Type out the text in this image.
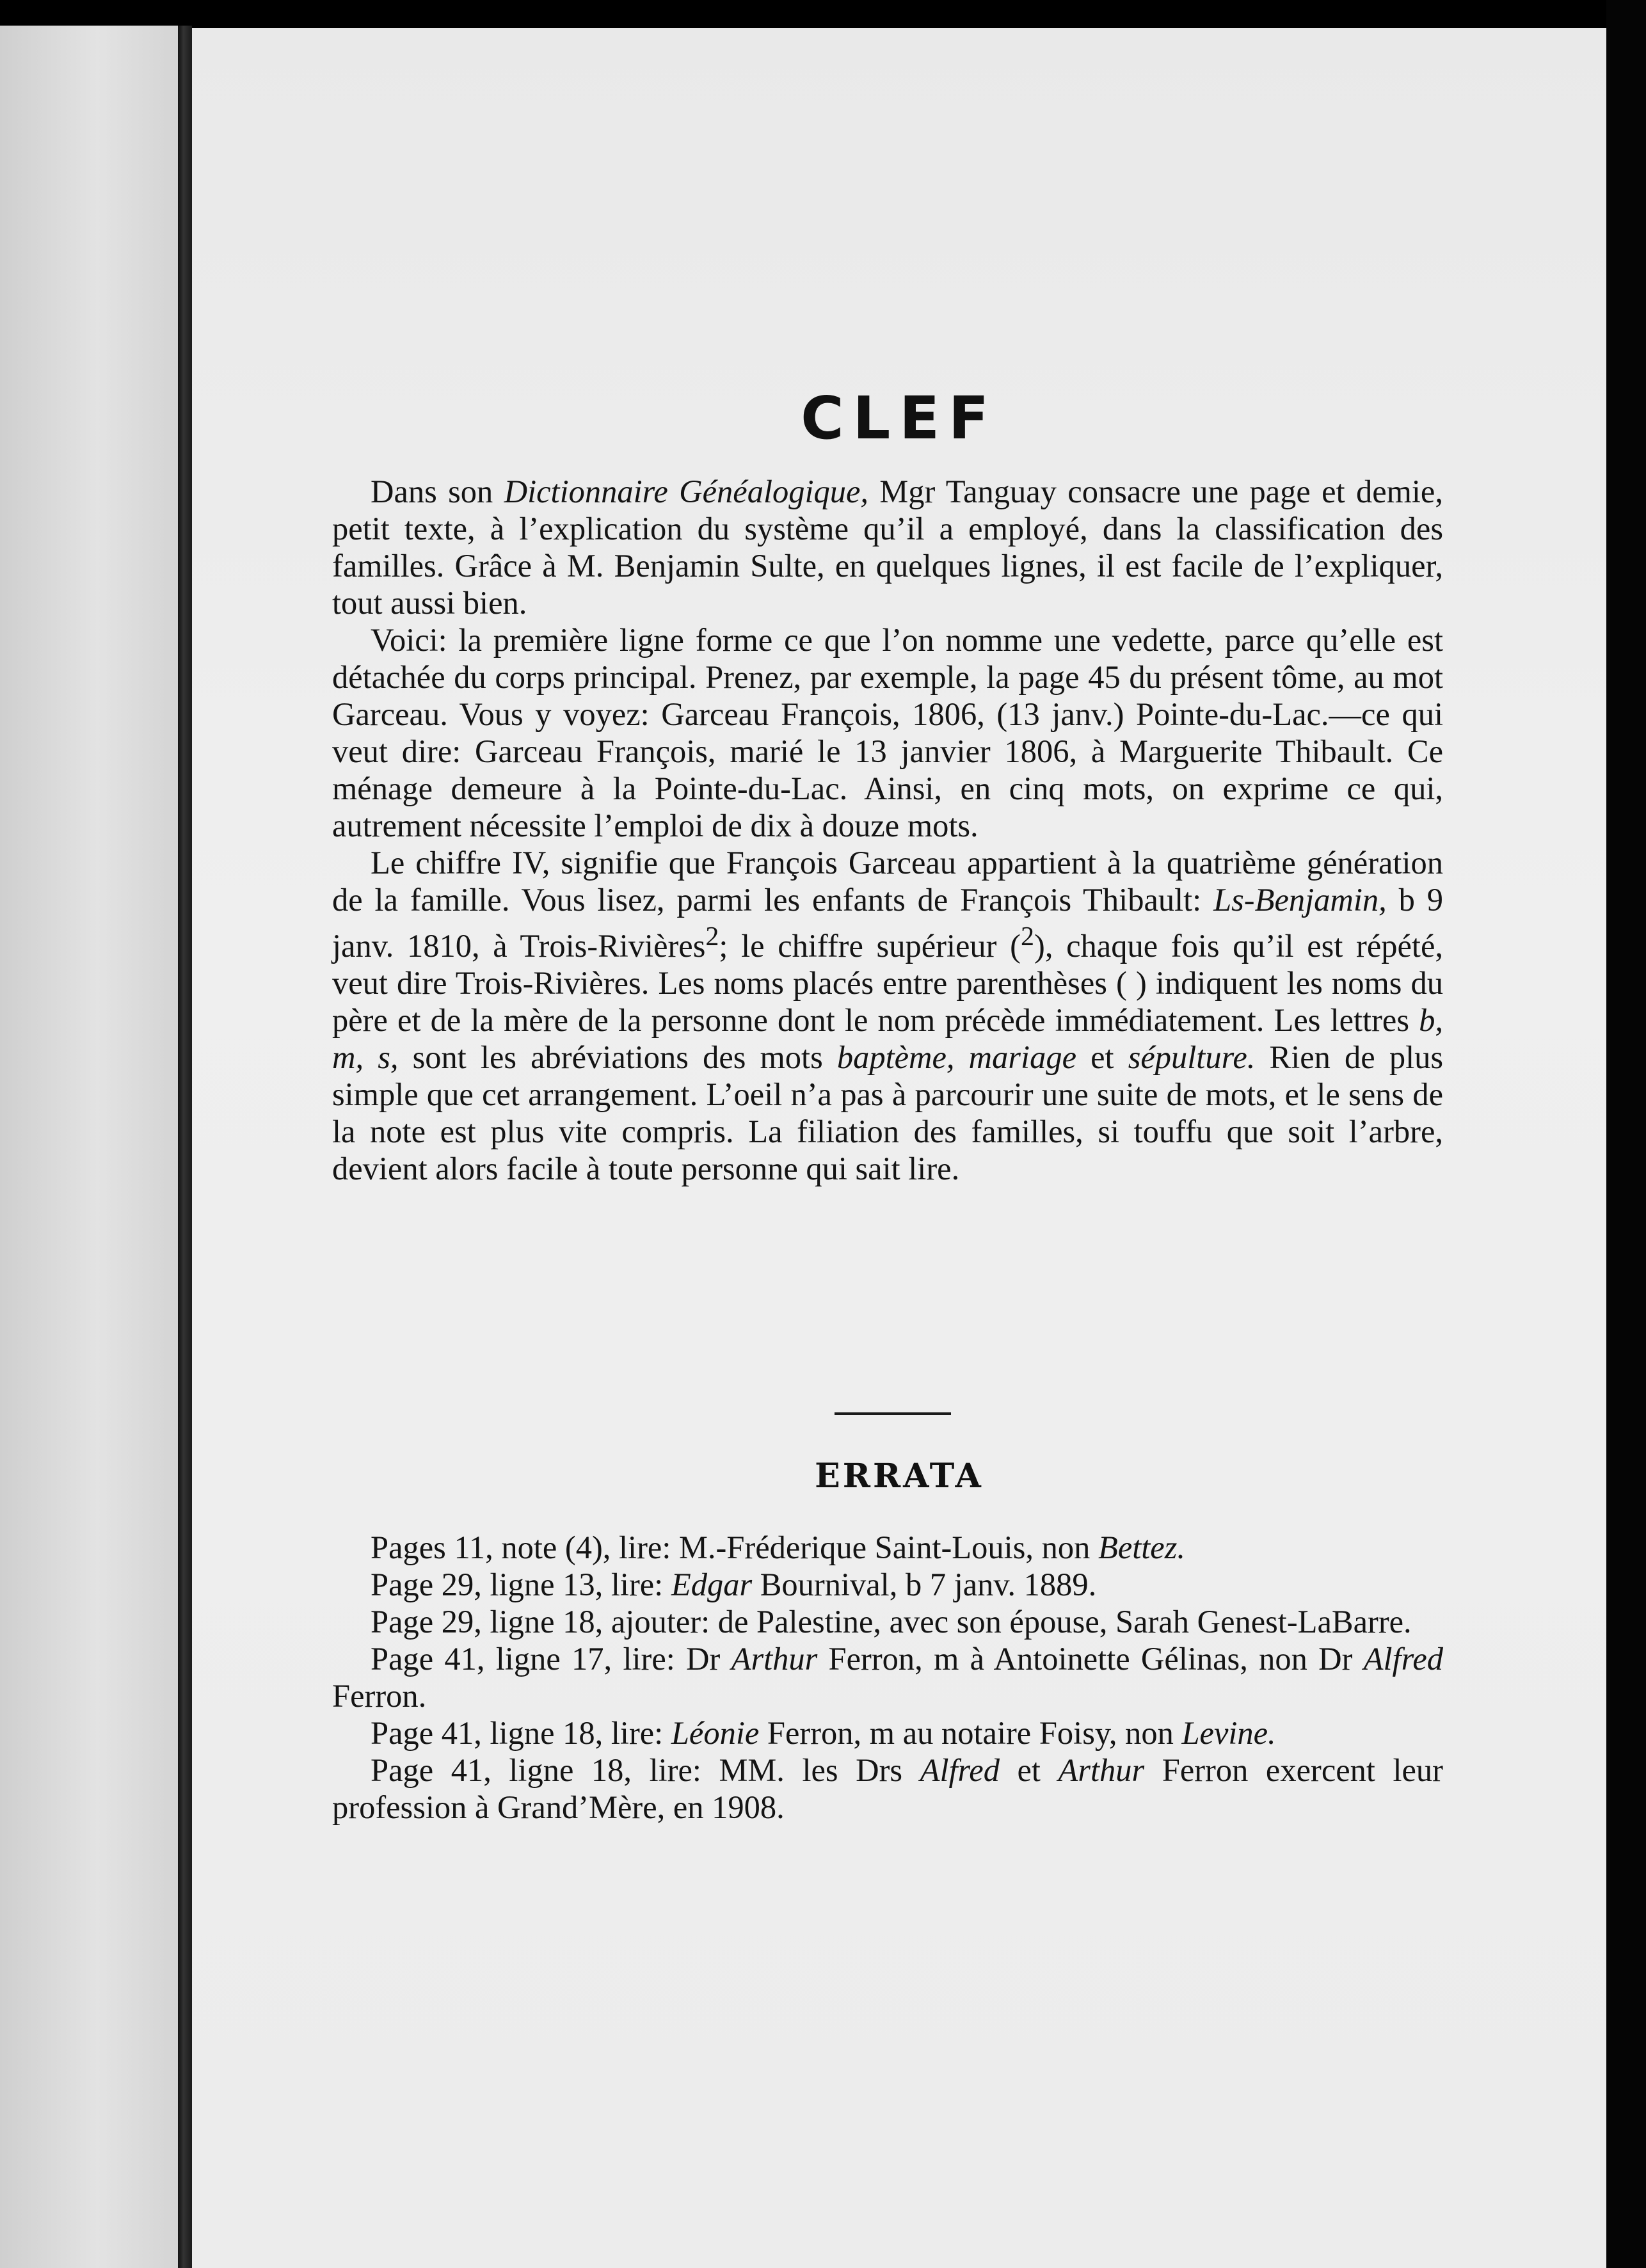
CLEF

Dans son Dictionnaire Généalogique, Mgr Tanguay consacre une page et demie, petit texte, à l’explication du système qu’il a employé, dans la classification des familles. Grâce à M. Benjamin Sulte, en quelques lignes, il est facile de l’expliquer, tout aussi bien.

Voici: la première ligne forme ce que l’on nomme une vedette, parce qu’elle est détachée du corps principal. Prenez, par exemple, la page 45 du présent tôme, au mot Garceau. Vous y voyez: Garceau François, 1806, (13 janv.) Pointe-du-Lac.—ce qui veut dire: Garceau François, marié le 13 janvier 1806, à Marguerite Thibault. Ce ménage demeure à la Pointe-du-Lac. Ainsi, en cinq mots, on exprime ce qui, autrement nécessite l’emploi de dix à douze mots.

Le chiffre IV, signifie que François Garceau appartient à la quatrième génération de la famille. Vous lisez, parmi les enfants de François Thibault: Ls-Benjamin, b 9 janv. 1810, à Trois-Rivières$^2$; le chiffre supérieur ($^2$), chaque fois qu’il est répété, veut dire Trois-Rivières. Les noms placés entre parenthèses ( ) indiquent les noms du père et de la mère de la personne dont le nom précède immédiatement. Les lettres b, m, s, sont les abréviations des mots baptème, mariage et sépulture. Rien de plus simple que cet arrangement. L’oeil n’a pas à parcourir une suite de mots, et le sens de la note est plus vite compris. La filiation des familles, si touffu que soit l’arbre, devient alors facile à toute personne qui sait lire.

ERRATA

Pages 11, note (4), lire: M.-Fréderique Saint-Louis, non Bettez.

Page 29, ligne 13, lire: Edgar Bournival, b 7 janv. 1889.

Page 29, ligne 18, ajouter: de Palestine, avec son épouse, Sarah Genest-LaBarre.

Page 41, ligne 17, lire: Dr Arthur Ferron, m à Antoinette Gélinas, non Dr Alfred Ferron.

Page 41, ligne 18, lire: Léonie Ferron, m au notaire Foisy, non Levine.

Page 41, ligne 18, lire: MM. les Drs Alfred et Arthur Ferron exercent leur profession à Grand’Mère, en 1908.
